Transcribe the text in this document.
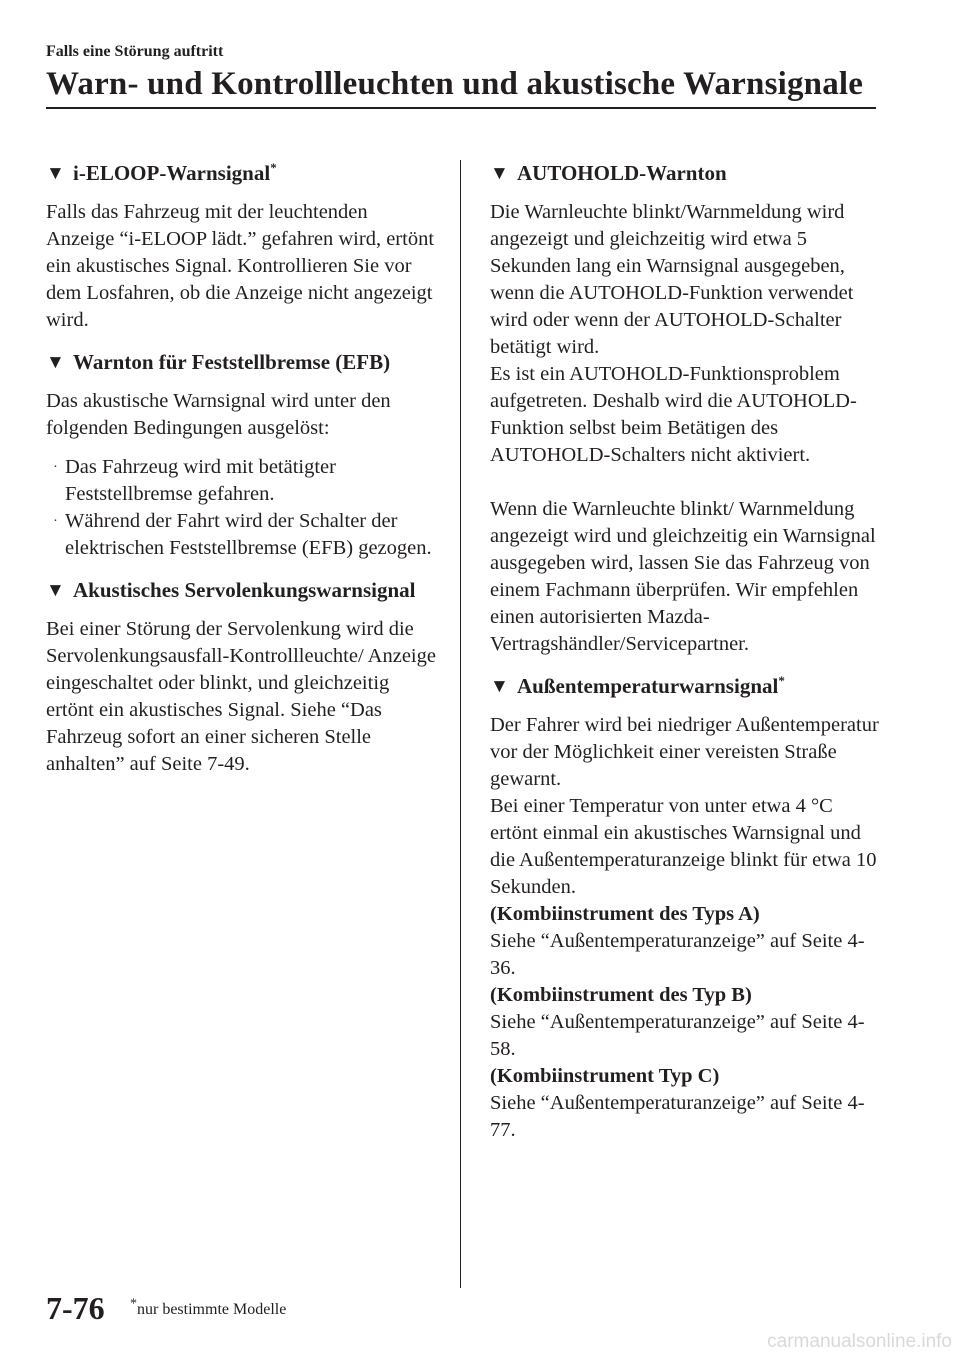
Falls eine Störung auftritt

Warn- und Kontrollleuchten und akustische Warnsignale
▼ i-ELOOP-Warnsignal*

Falls das Fahrzeug mit der leuchtenden Anzeige “i-ELOOP lädt.” gefahren wird, ertönt ein akustisches Signal. Kontrollieren Sie vor dem Losfahren, ob die Anzeige nicht angezeigt wird.

▼ Warnton für Feststellbremse (EFB)

Das akustische Warnsignal wird unter den folgenden Bedingungen ausgelöst:

· Das Fahrzeug wird mit betätigter Feststellbremse gefahren.
· Während der Fahrt wird der Schalter der elektrischen Feststellbremse (EFB) gezogen.
▼ Akustisches Servolenkungswarnsignal

Bei einer Störung der Servolenkung wird die Servolenkungsausfall-Kontrollleuchte/ Anzeige eingeschaltet oder blinkt, und gleichzeitig ertönt ein akustisches Signal. Siehe “Das Fahrzeug sofort an einer sicheren Stelle anhalten” auf Seite 7-49.

▼ AUTOHOLD-Warnton

Die Warnleuchte blinkt/Warnmeldung wird angezeigt und gleichzeitig wird etwa 5 Sekunden lang ein Warnsignal ausgegeben, wenn die AUTOHOLD-Funktion verwendet wird oder wenn der AUTOHOLD-Schalter betätigt wird.

Es ist ein AUTOHOLD-Funktionsproblem aufgetreten. Deshalb wird die AUTOHOLD-Funktion selbst beim Betätigen des AUTOHOLD-Schalters nicht aktiviert.

Wenn die Warnleuchte blinkt/ Warnmeldung angezeigt wird und gleichzeitig ein Warnsignal ausgegeben wird, lassen Sie das Fahrzeug von einem Fachmann überprüfen. Wir empfehlen einen autorisierten Mazda-Vertragshändler/Servicepartner.

▼ Außentemperaturwarnsignal*

Der Fahrer wird bei niedriger Außentemperatur vor der Möglichkeit einer vereisten Straße gewarnt.

Bei einer Temperatur von unter etwa 4 °C ertönt einmal ein akustisches Warnsignal und die Außentemperaturanzeige blinkt für etwa 10 Sekunden.

(Kombiinstrument des Typs A)

Siehe “Außentemperaturanzeige” auf Seite 4-36.

(Kombiinstrument des Typ B)

Siehe “Außentemperaturanzeige” auf Seite 4-58.

(Kombiinstrument Typ C)

Siehe “Außentemperaturanzeige” auf Seite 4-77.

7-76 *nur bestimmte Modelle
carmanualsonline.info
